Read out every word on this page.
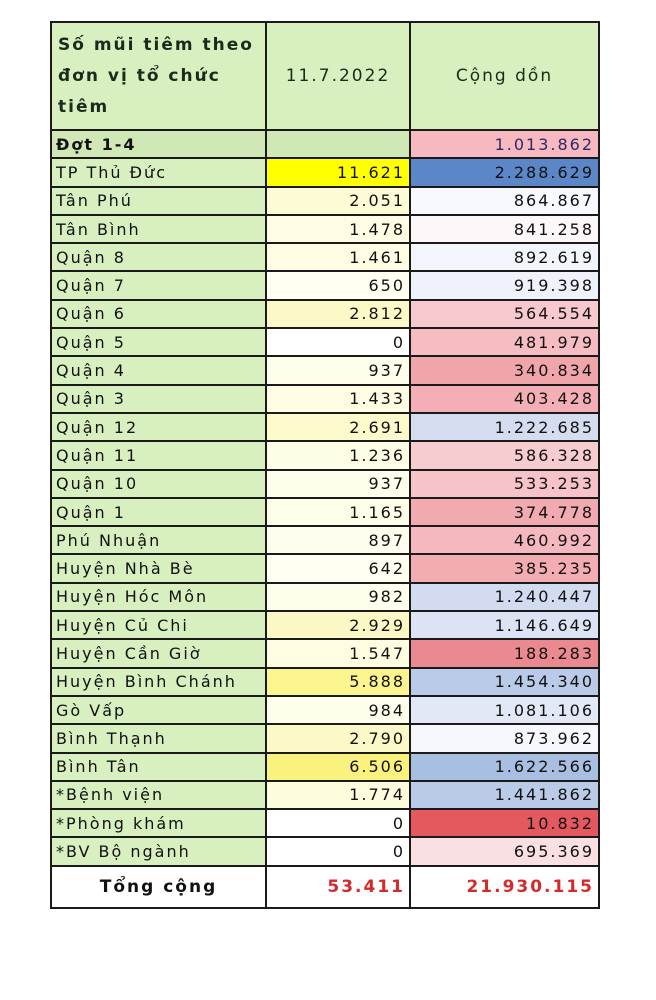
Số mũi tiêm theo đơn vị tổ chức tiêm	11.7.2022	Cộng dồn
Đợt 1-4		1.013.862
TP Thủ Đức	11.621	2.288.629
Tân Phú	2.051	864.867
Tân Bình	1.478	841.258
Quận 8	1.461	892.619
Quận 7	650	919.398
Quận 6	2.812	564.554
Quận 5	0	481.979
Quận 4	937	340.834
Quận 3	1.433	403.428
Quận 12	2.691	1.222.685
Quận 11	1.236	586.328
Quận 10	937	533.253
Quận 1	1.165	374.778
Phú Nhuận	897	460.992
Huyện Nhà Bè	642	385.235
Huyện Hóc Môn	982	1.240.447
Huyện Củ Chi	2.929	1.146.649
Huyện Cần Giờ	1.547	188.283
Huyện Bình Chánh	5.888	1.454.340
Gò Vấp	984	1.081.106
Bình Thạnh	2.790	873.962
Bình Tân	6.506	1.622.566
*Bệnh viện	1.774	1.441.862
*Phòng khám	0	10.832
*BV Bộ ngành	0	695.369
Tổng cộng	53.411	21.930.115
